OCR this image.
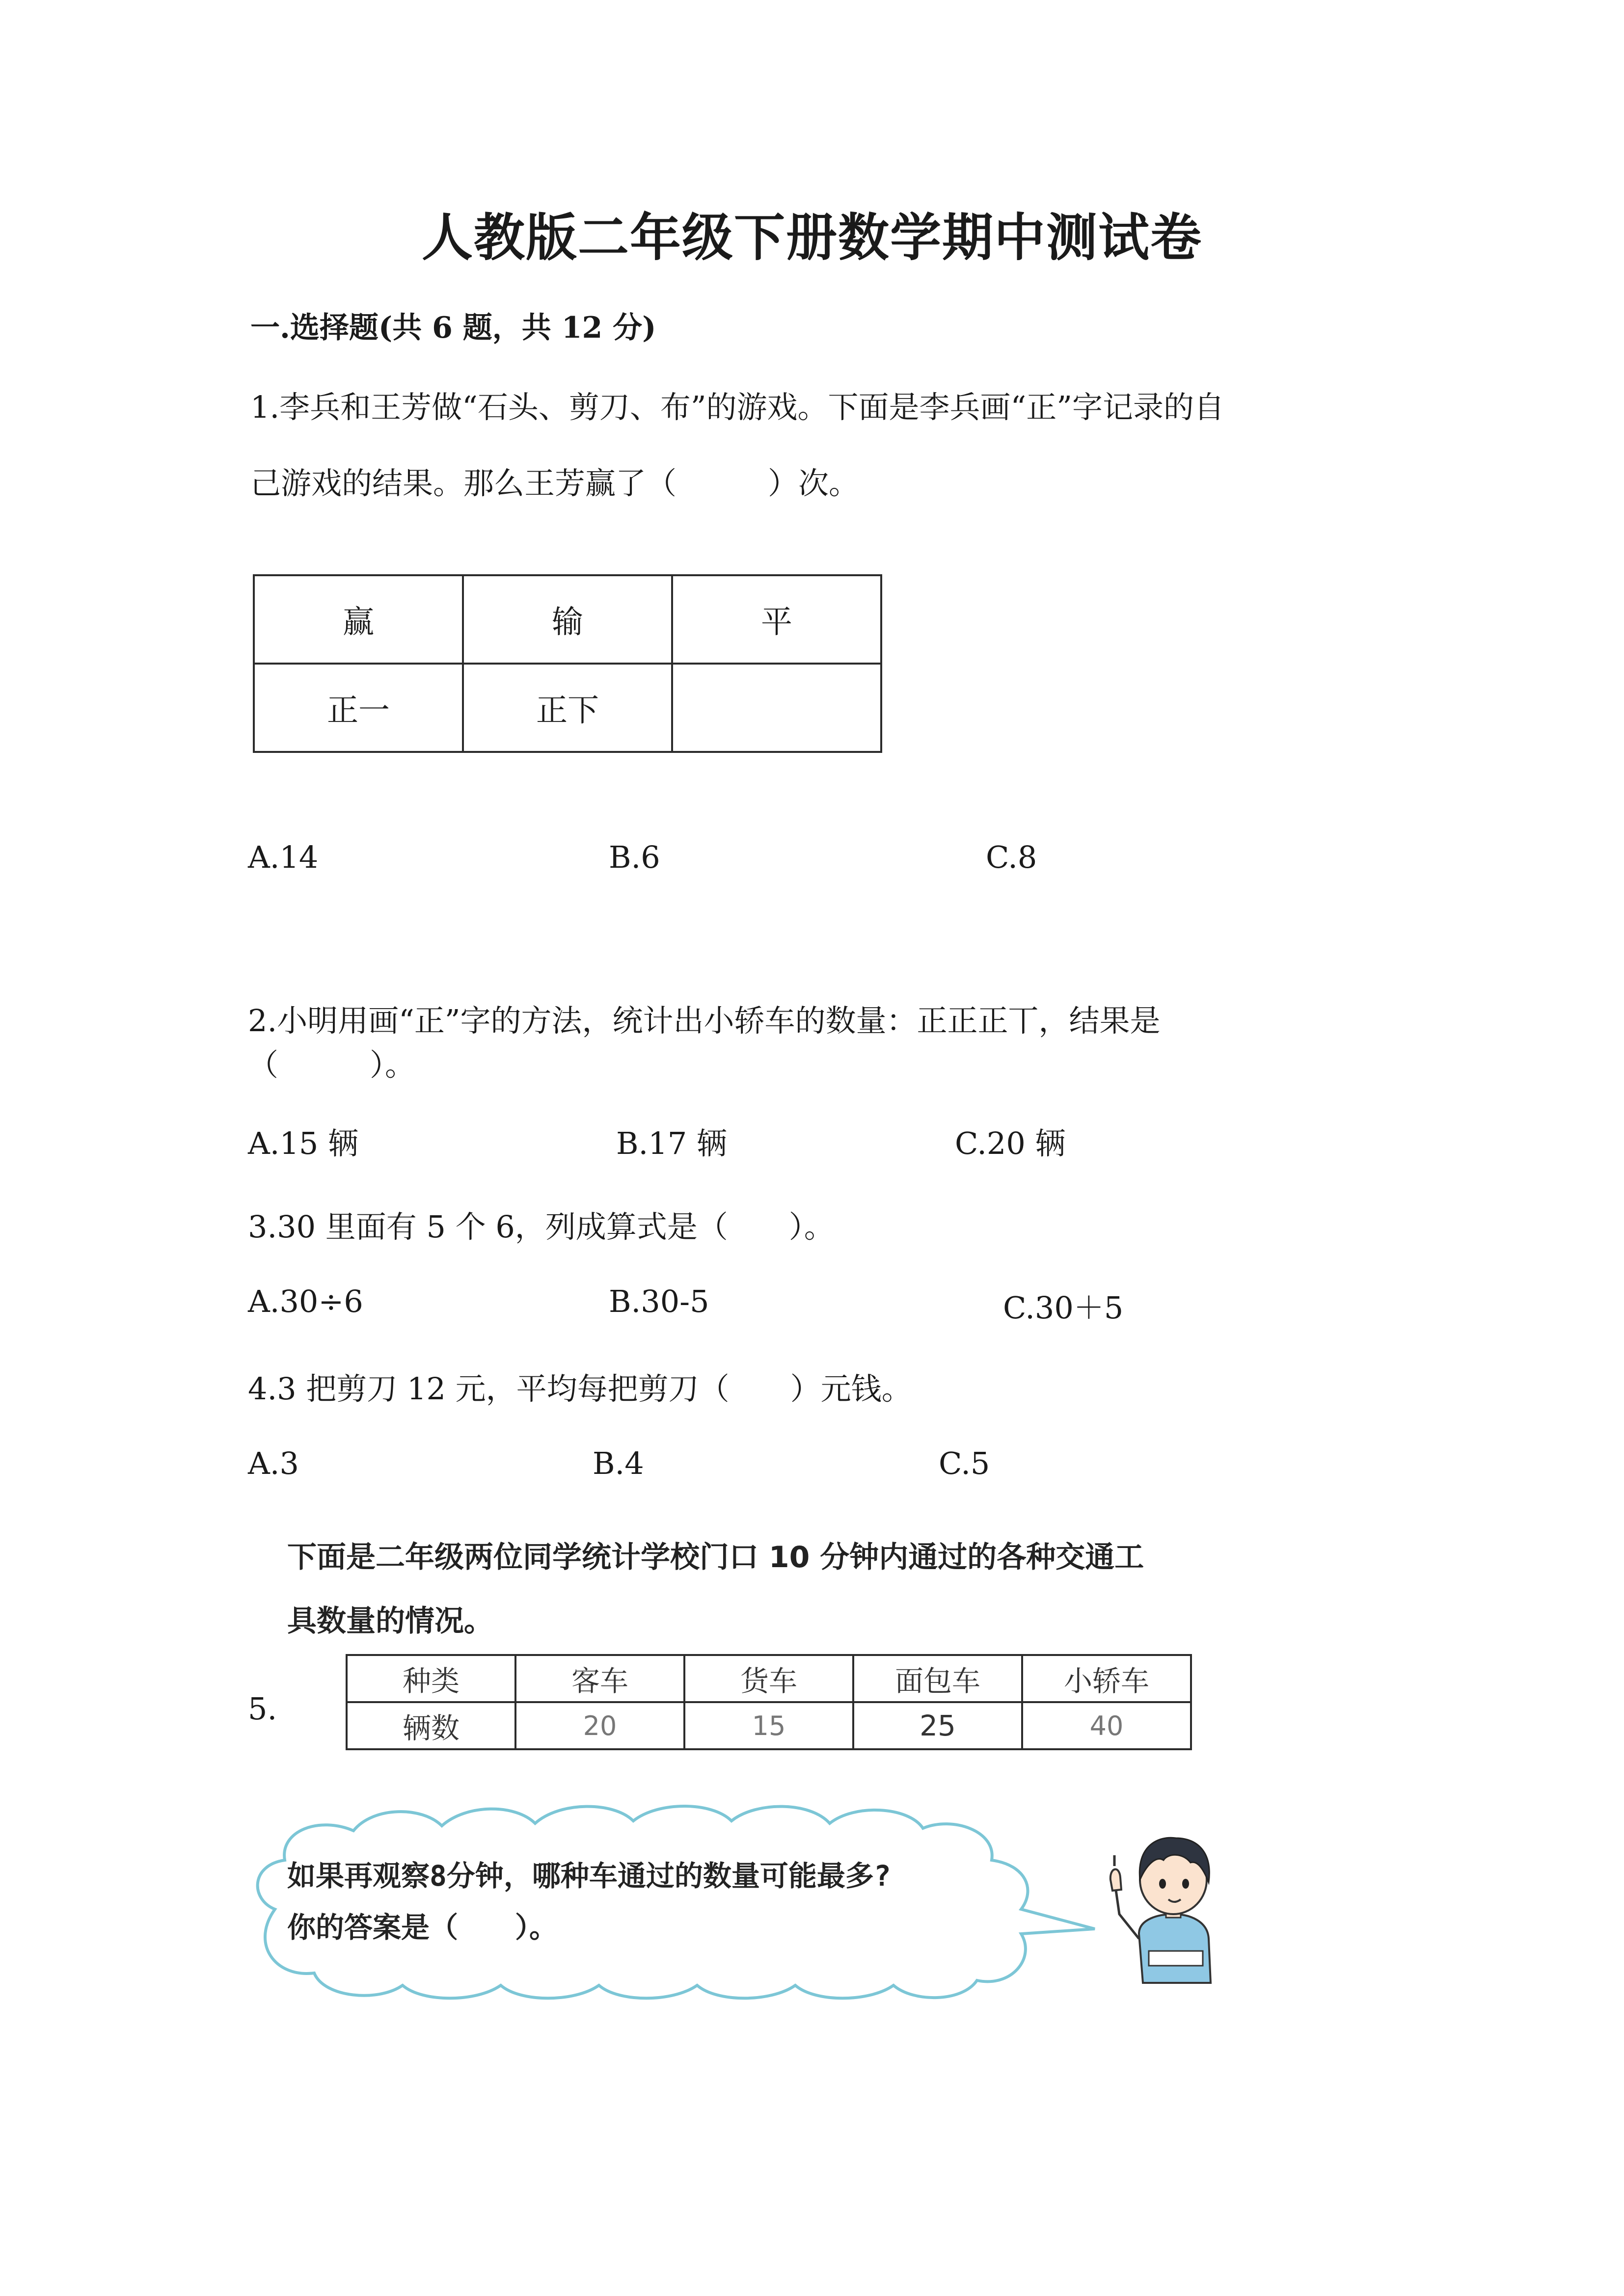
人教版二年级下册数学期中测试卷
一.选择题(共 6 题，共 12 分)
1.李兵和王芳做“石头、剪刀、布”的游戏。下面是李兵画“正”字记录的自
己游戏的结果。那么王芳赢了（　　　）次。
赢	输	平
正一	正下	
A.14	B.6	C.8
2.小明用画“正”字的方法，统计出小轿车的数量：正正正丅，结果是
（　　　）。
A.15 辆	B.17 辆	C.20 辆
3.30 里面有 5 个 6，列成算式是（　　）。
A.30÷6	B.30-5	C.30＋5
4.3 把剪刀 12 元，平均每把剪刀（　　）元钱。
A.3	B.4	C.5
下面是二年级两位同学统计学校门口 10 分钟内通过的各种交通工
具数量的情况。
5.
种类	客车	货车	面包车	小轿车
辆数	20	15	25	40
如果再观察8分钟，哪种车通过的数量可能最多?
你的答案是（　　）。
